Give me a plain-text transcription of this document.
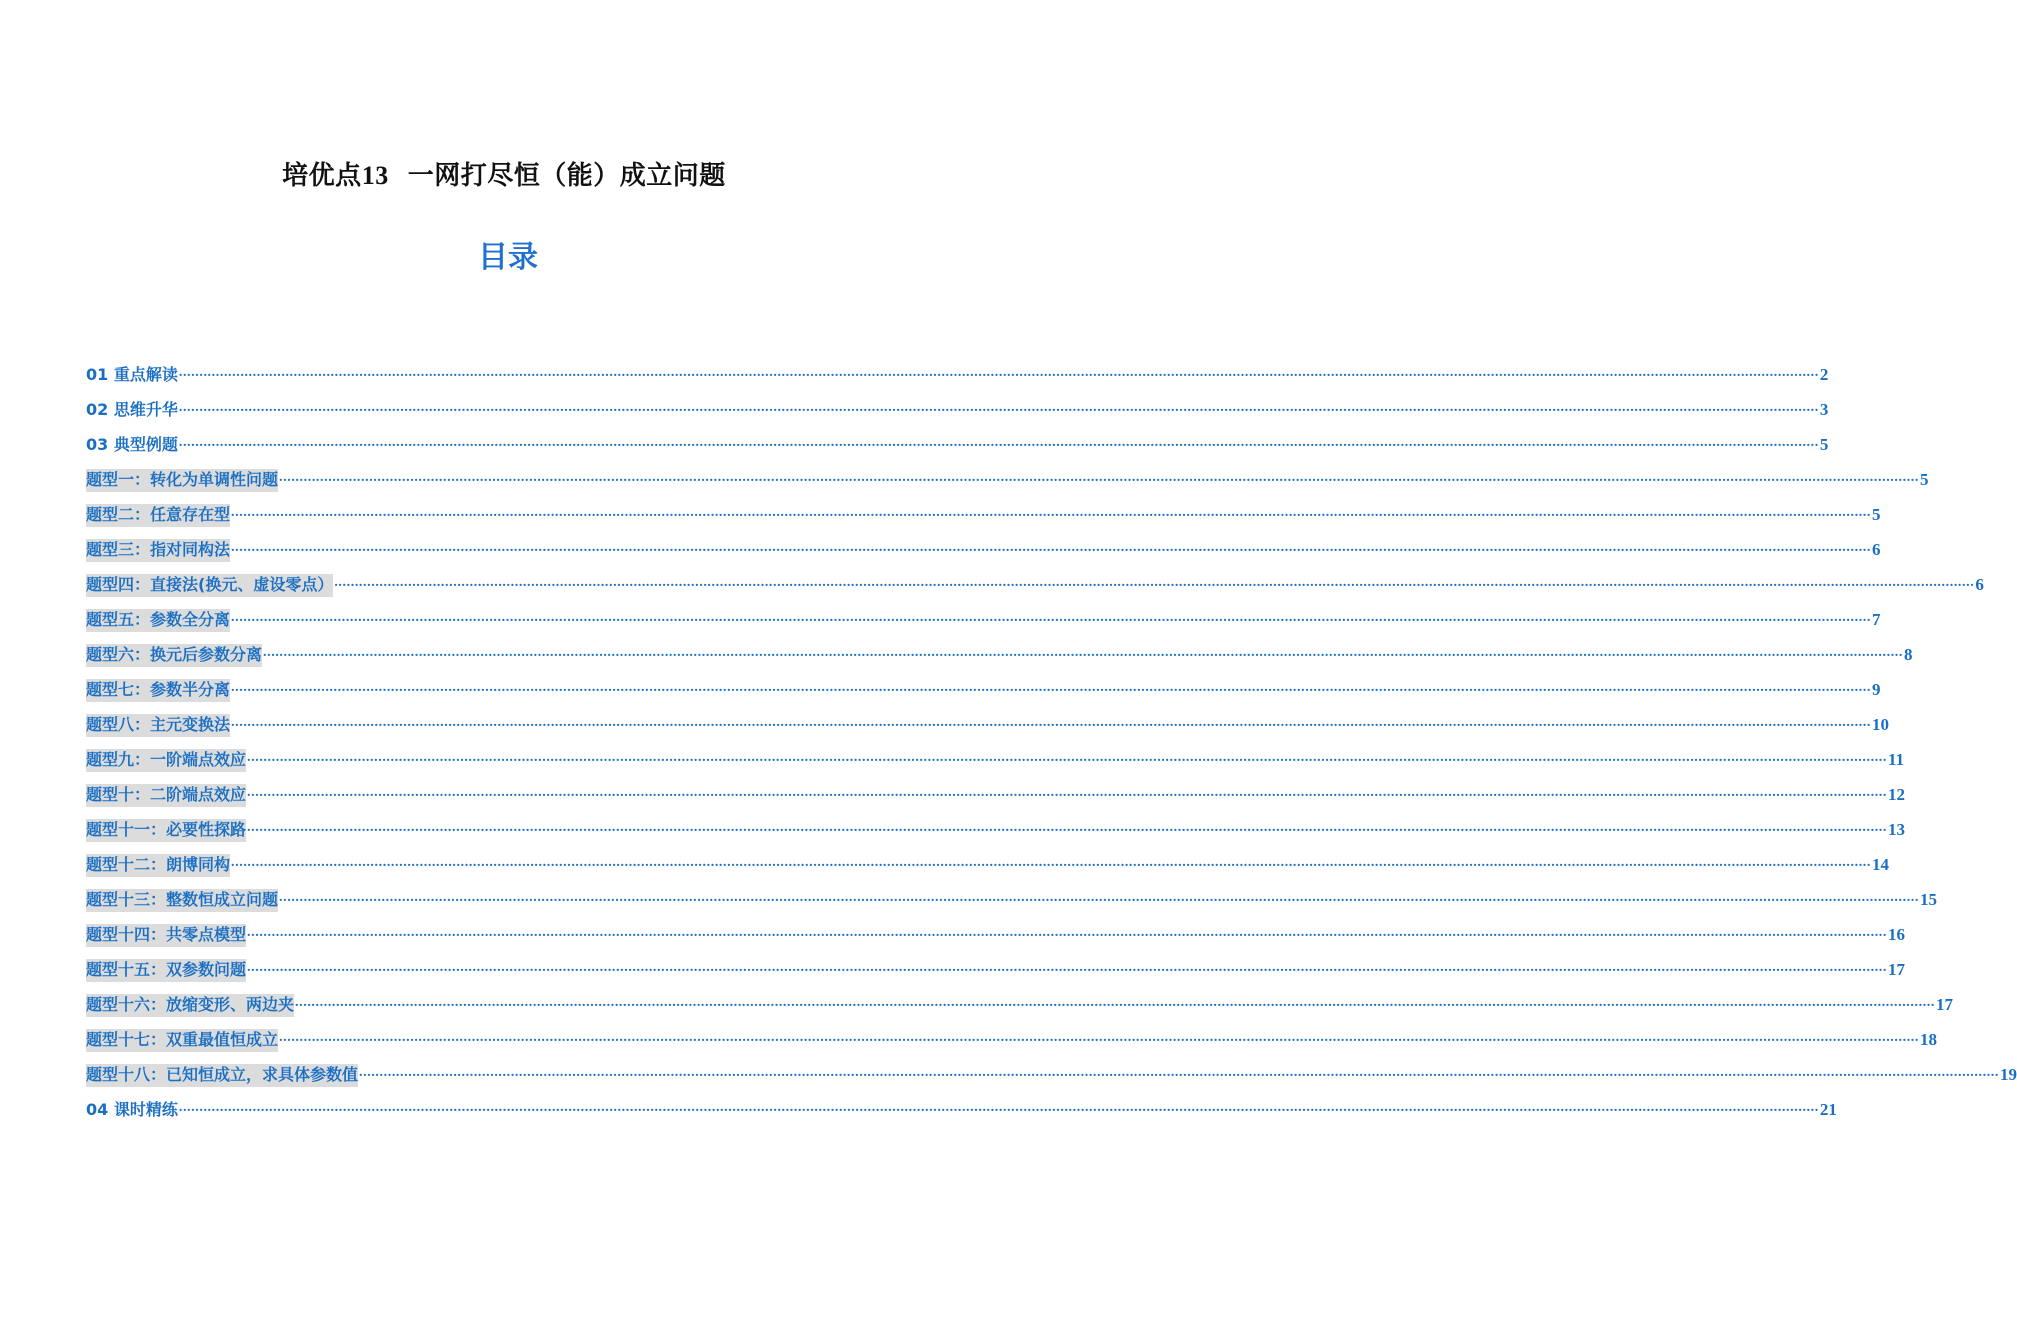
培优点13 一网打尽恒（能）成立问题
目录
01 重点解读 ................................................................................................................................................................................................................................................................................................................................................................................................................ 2
02 思维升华 ................................................................................................................................................................................................................................................................................................................................................................................................................ 3
03 典型例题 ................................................................................................................................................................................................................................................................................................................................................................................................................ 5
题型一：转化为单调性问题 ................................................................................................................................................................................................................................................................................................................................................................................................................ 5
题型二：任意存在型 ................................................................................................................................................................................................................................................................................................................................................................................................................ 5
题型三：指对同构法 ................................................................................................................................................................................................................................................................................................................................................................................................................ 6
题型四：直接法(换元、虚设零点） ................................................................................................................................................................................................................................................................................................................................................................................................................ 6
题型五：参数全分离 ................................................................................................................................................................................................................................................................................................................................................................................................................ 7
题型六：换元后参数分离 ................................................................................................................................................................................................................................................................................................................................................................................................................ 8
题型七：参数半分离 ................................................................................................................................................................................................................................................................................................................................................................................................................ 9
题型八：主元变换法 ................................................................................................................................................................................................................................................................................................................................................................................................................ 10
题型九：一阶端点效应 ................................................................................................................................................................................................................................................................................................................................................................................................................ 11
题型十：二阶端点效应 ................................................................................................................................................................................................................................................................................................................................................................................................................ 12
题型十一：必要性探路 ................................................................................................................................................................................................................................................................................................................................................................................................................ 13
题型十二：朗博同构 ................................................................................................................................................................................................................................................................................................................................................................................................................ 14
题型十三：整数恒成立问题 ................................................................................................................................................................................................................................................................................................................................................................................................................ 15
题型十四：共零点模型 ................................................................................................................................................................................................................................................................................................................................................................................................................ 16
题型十五：双参数问题 ................................................................................................................................................................................................................................................................................................................................................................................................................ 17
题型十六：放缩变形、两边夹 ................................................................................................................................................................................................................................................................................................................................................................................................................ 17
题型十七：双重最值恒成立 ................................................................................................................................................................................................................................................................................................................................................................................................................ 18
题型十八：已知恒成立，求具体参数值 ................................................................................................................................................................................................................................................................................................................................................................................................................ 19
04 课时精练 ................................................................................................................................................................................................................................................................................................................................................................................................................ 21
